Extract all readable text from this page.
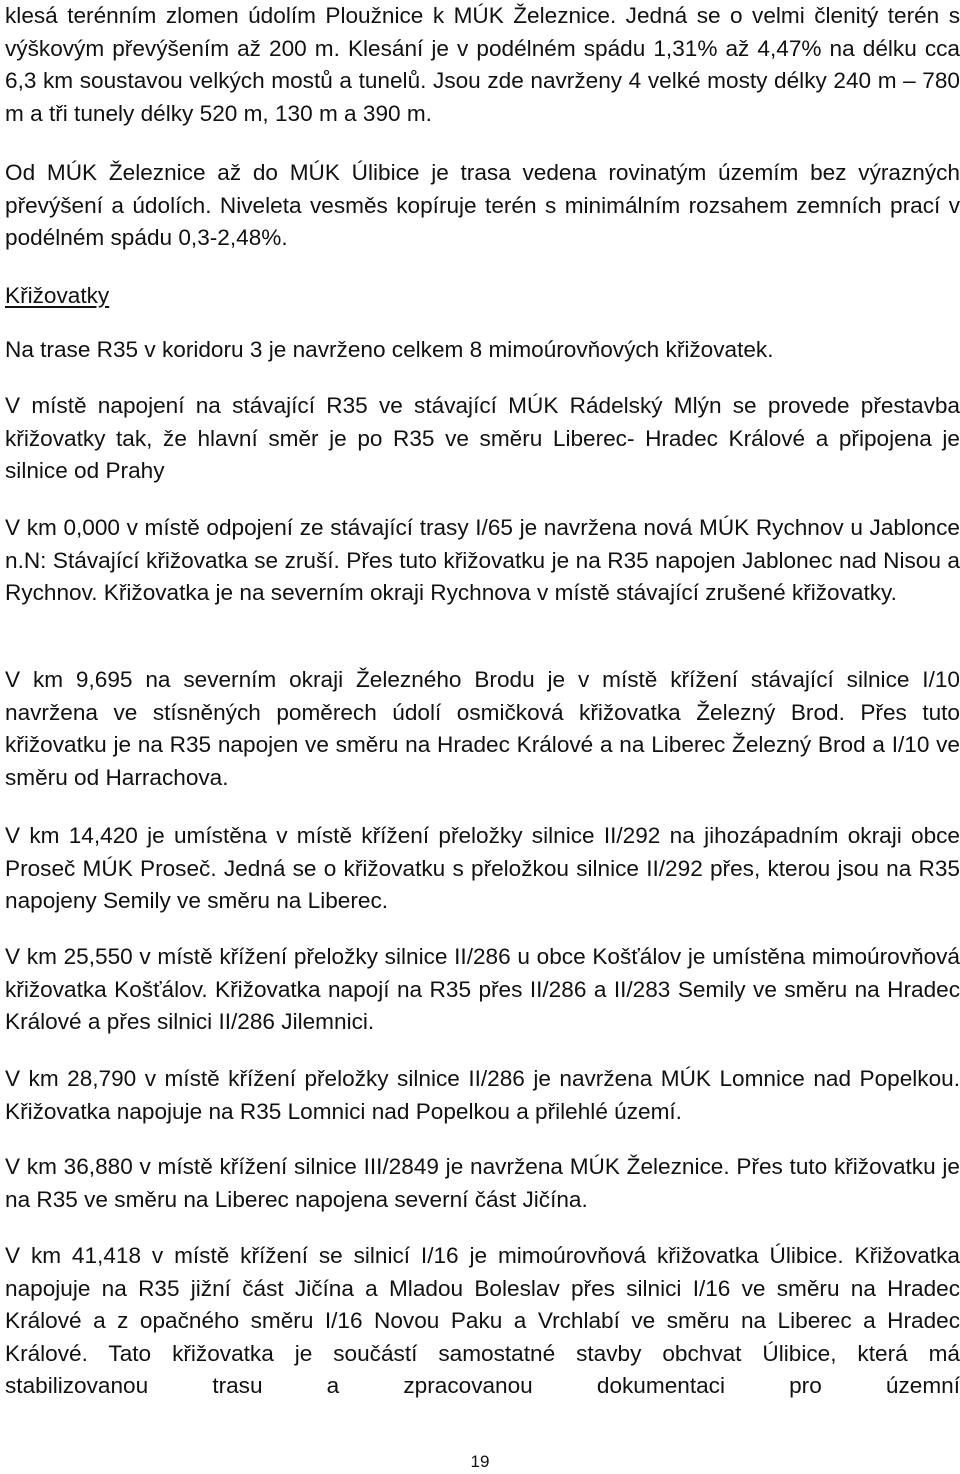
klesá terénním zlomen údolím Ploužnice k MÚK Železnice. Jedná se o velmi členitý terén s výškovým převýšením až 200 m. Klesání je v podélném spádu 1,31% až 4,47% na délku cca 6,3 km soustavou velkých mostů a tunelů. Jsou zde navrženy 4 velké mosty délky 240 m – 780 m a tři tunely délky 520 m, 130 m a 390 m.

Od MÚK Železnice až do MÚK Úlibice je trasa vedena rovinatým územím bez výrazných převýšení a údolích. Niveleta vesměs kopíruje terén s minimálním rozsahem zemních prací v podélném spádu 0,3-2,48%.

Křižovatky

Na trase R35 v koridoru 3 je navrženo celkem 8 mimoúrovňových křižovatek.

V místě napojení na stávající R35 ve stávající MÚK Rádelský Mlýn se provede přestavba křižovatky tak, že hlavní směr je po R35 ve směru Liberec- Hradec Králové a připojena je silnice od Prahy

V km 0,000 v místě odpojení ze stávající trasy I/65 je navržena nová MÚK Rychnov u Jablonce n.N: Stávající křižovatka se zruší. Přes tuto křižovatku je na R35 napojen Jablonec nad Nisou a Rychnov. Křižovatka je na severním okraji Rychnova v místě stávající zrušené křižovatky.

V km 9,695 na severním okraji Železného Brodu je v místě křížení stávající silnice I/10 navržena ve stísněných poměrech údolí osmičková křižovatka Železný Brod. Přes tuto křižovatku je na R35 napojen ve směru na Hradec Králové a na Liberec Železný Brod a I/10 ve směru od Harrachova.

V km 14,420 je umístěna v místě křížení přeložky silnice II/292 na jihozápadním okraji obce Proseč MÚK Proseč. Jedná se o křižovatku s přeložkou silnice II/292 přes, kterou jsou na R35 napojeny Semily ve směru na Liberec.

V km 25,550 v místě křížení přeložky silnice II/286 u obce Košťálov je umístěna mimoúrovňová křižovatka Košťálov. Křižovatka napojí na R35 přes II/286 a II/283 Semily ve směru na Hradec Králové a přes silnici II/286 Jilemnici.

V km 28,790 v místě křížení přeložky silnice II/286 je navržena MÚK Lomnice nad Popelkou. Křižovatka napojuje na R35 Lomnici nad Popelkou a přilehlé území.

V km 36,880 v místě křížení silnice III/2849 je navržena MÚK Železnice. Přes tuto křižovatku je na R35 ve směru na Liberec napojena severní část Jičína.

V km 41,418 v místě křížení se silnicí I/16 je mimoúrovňová křižovatka Úlibice. Křižovatka napojuje na R35 jižní část Jičína a Mladou Boleslav přes silnici I/16 ve směru na Hradec Králové a z opačného směru I/16 Novou Paku a Vrchlabí ve směru na Liberec a Hradec Králové. Tato křižovatka je součástí samostatné stavby obchvat Úlibice, která má stabilizovanou trasu a zpracovanou dokumentaci pro územní

19
